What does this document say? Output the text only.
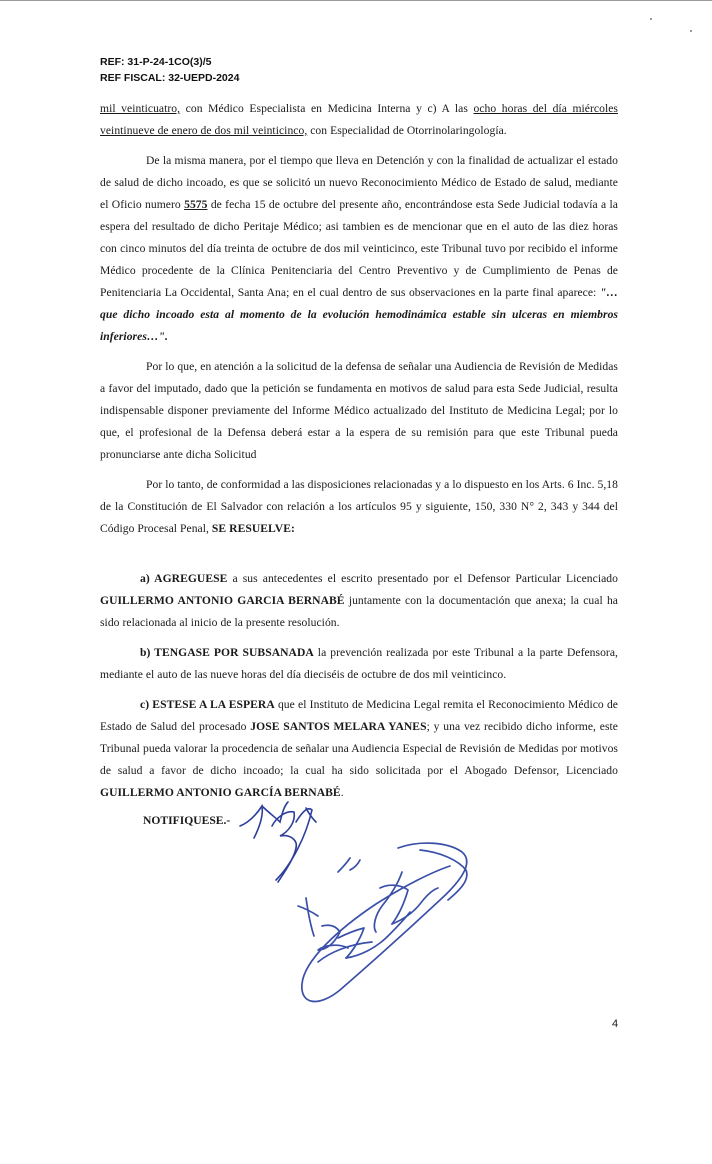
REF: 31-P-24-1CO(3)/5
REF FISCAL: 32-UEPD-2024

mil veinticuatro, con Médico Especialista en Medicina Interna y c) A las ocho horas del día miércoles veintinueve de enero de dos mil veinticinco, con Especialidad de Otorrinolaringología.

De la misma manera, por el tiempo que lleva en Detención y con la finalidad de actualizar el estado de salud de dicho incoado, es que se solicitó un nuevo Reconocimiento Médico de Estado de salud, mediante el Oficio numero 5575 de fecha 15 de octubre del presente año, encontrándose esta Sede Judicial todavía a la espera del resultado de dicho Peritaje Médico; asi tambien es de mencionar que en el auto de las diez horas con cinco minutos del día treinta de octubre de dos mil veinticinco, este Tribunal tuvo por recibido el informe Médico procedente de la Clínica Penitenciaria del Centro Preventivo y de Cumplimiento de Penas de Penitenciaria La Occidental, Santa Ana; en el cual dentro de sus observaciones en la parte final aparece: "… que dicho incoado esta al momento de la evolución hemodinámica estable sin ulceras en miembros inferiores…".

Por lo que, en atención a la solicitud de la defensa de señalar una Audiencia de Revisión de Medidas a favor del imputado, dado que la petición se fundamenta en motivos de salud para esta Sede Judicial, resulta indispensable disponer previamente del Informe Médico actualizado del Instituto de Medicina Legal; por lo que, el profesional de la Defensa deberá estar a la espera de su remisión para que este Tribunal pueda pronunciarse ante dicha Solicitud

Por lo tanto, de conformidad a las disposiciones relacionadas y a lo dispuesto en los Arts. 6 Inc. 5,18 de la Constitución de El Salvador con relación a los artículos 95 y siguiente, 150, 330 N° 2, 343 y 344 del Código Procesal Penal, SE RESUELVE:

a) AGREGUESE a sus antecedentes el escrito presentado por el Defensor Particular Licenciado GUILLERMO ANTONIO GARCIA BERNABÉ juntamente con la documentación que anexa; la cual ha sido relacionada al inicio de la presente resolución.

b) TENGASE POR SUBSANADA la prevención realizada por este Tribunal a la parte Defensora, mediante el auto de las nueve horas del día dieciséis de octubre de dos mil veinticinco.

c) ESTESE A LA ESPERA que el Instituto de Medicina Legal remita el Reconocimiento Médico de Estado de Salud del procesado JOSE SANTOS MELARA YANES; y una vez recibido dicho informe, este Tribunal pueda valorar la procedencia de señalar una Audiencia Especial de Revisión de Medidas por motivos de salud a favor de dicho incoado; la cual ha sido solicitada por el Abogado Defensor, Licenciado GUILLERMO ANTONIO GARCÍA BERNABÉ.

NOTIFIQUESE.-
4
